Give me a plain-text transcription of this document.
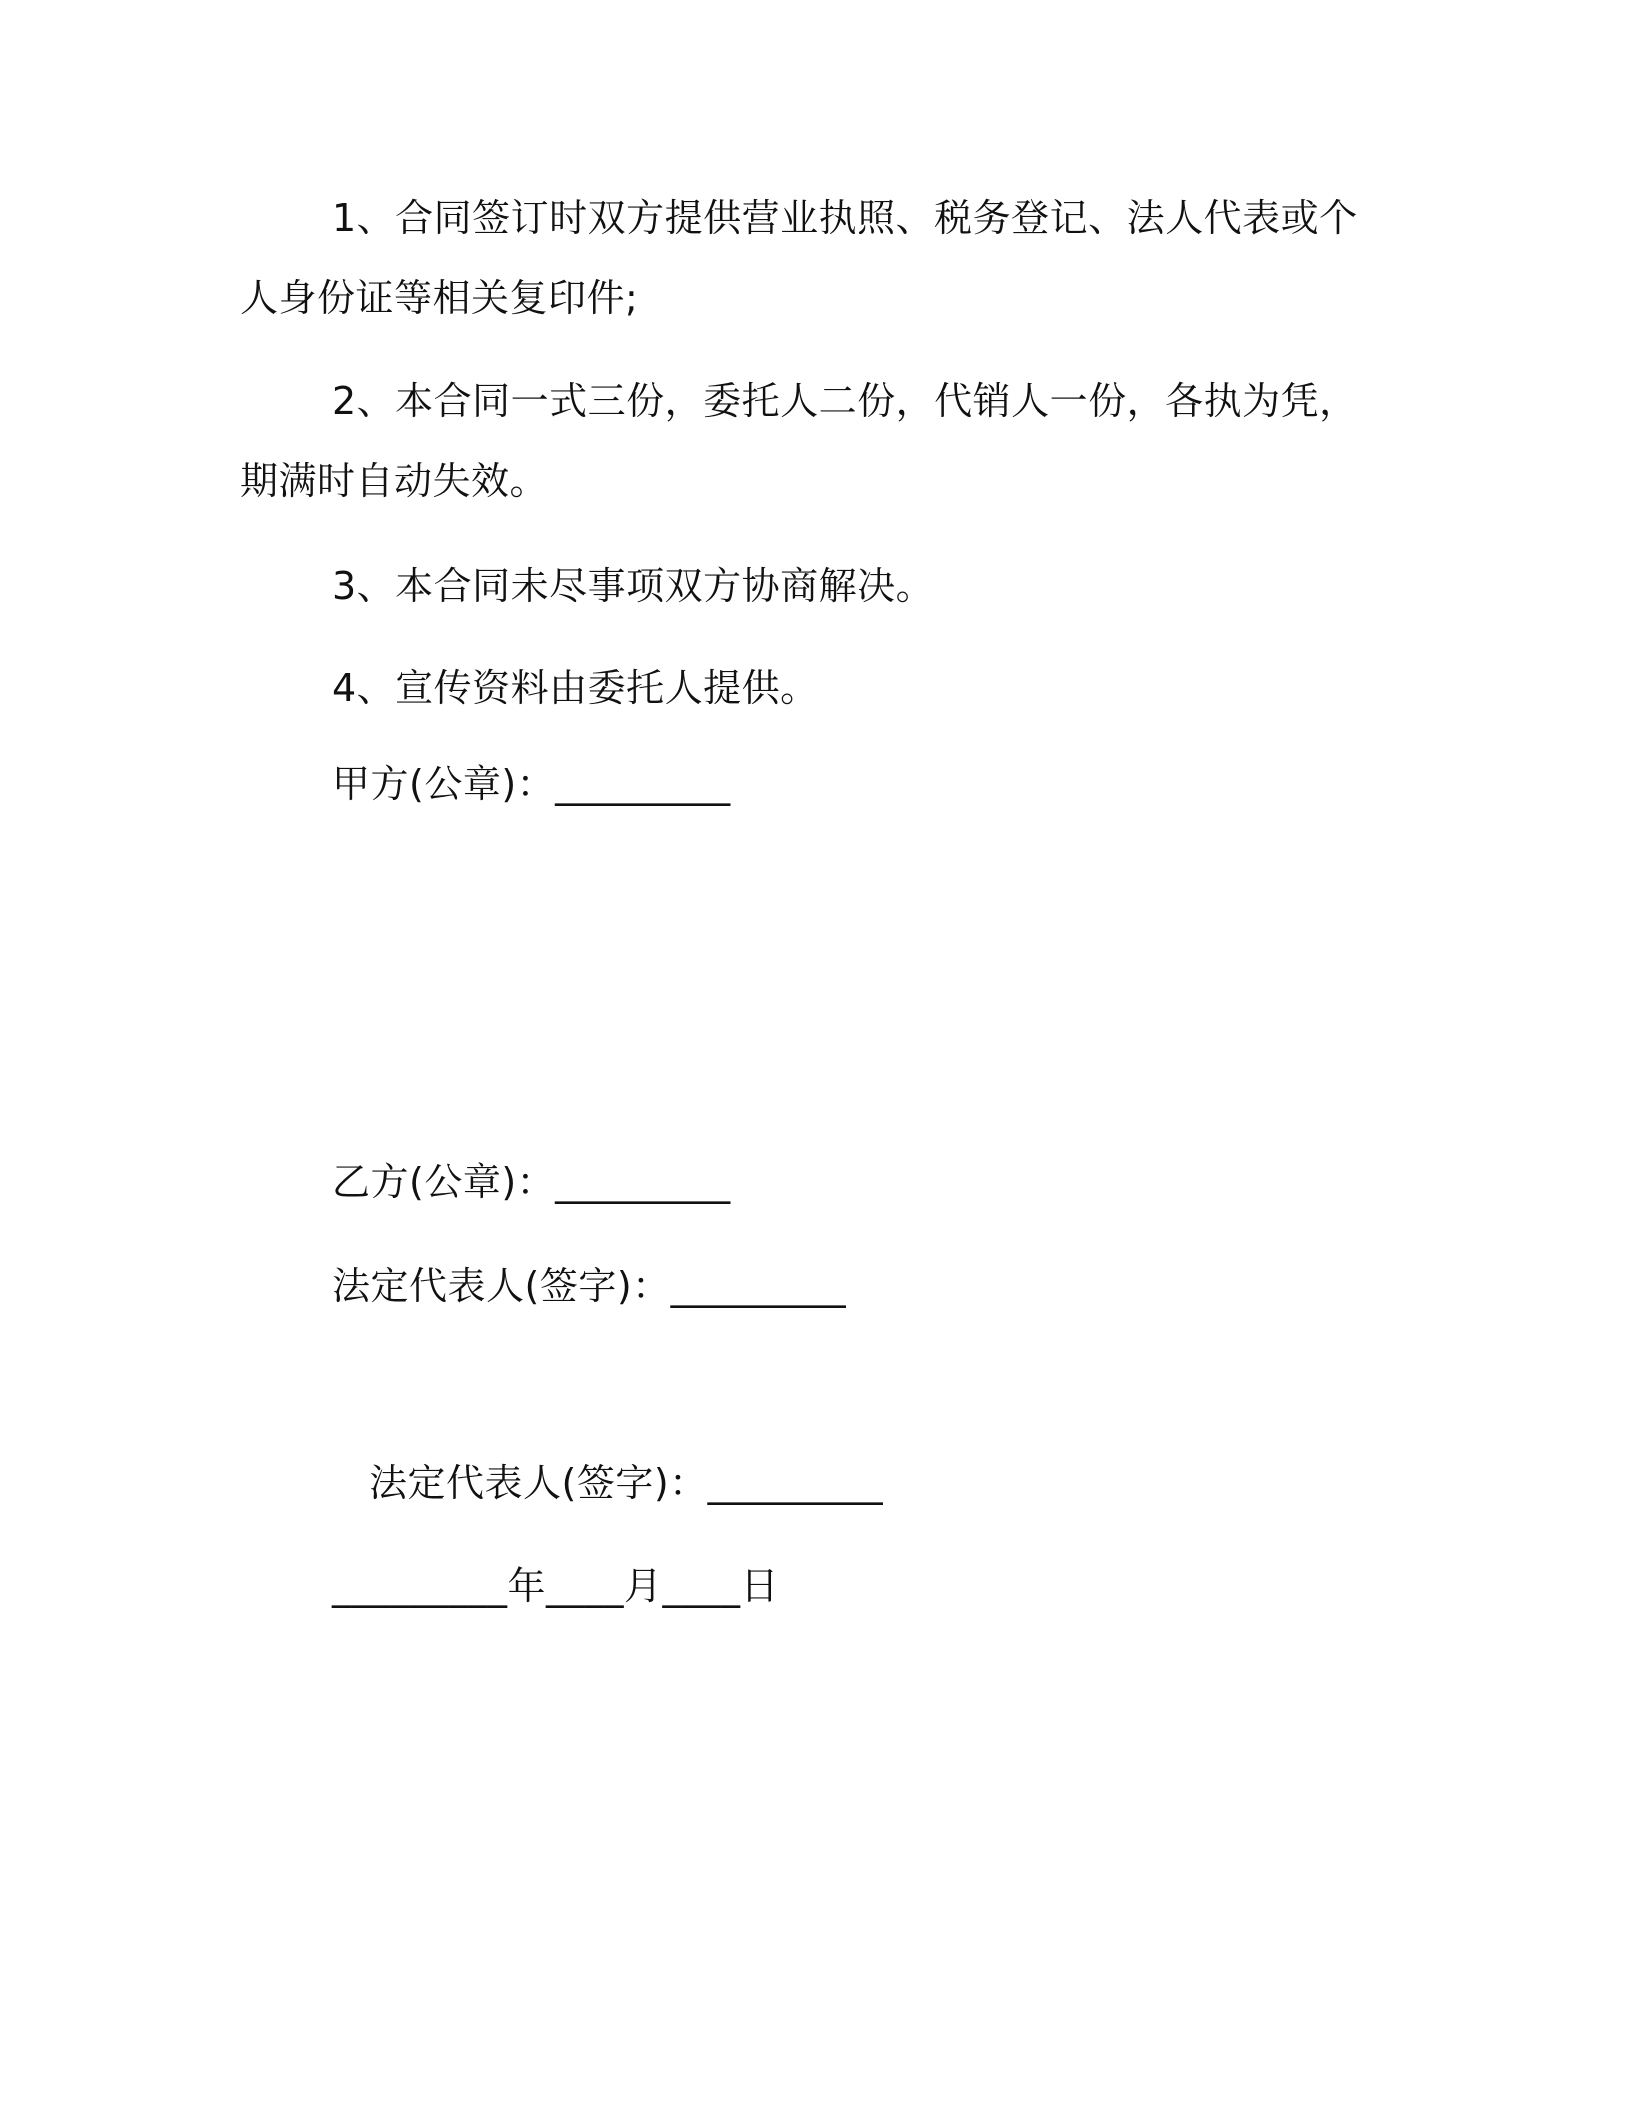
1、合同签订时双方提供营业执照、税务登记、法人代表或个人身份证等相关复印件;

2、本合同一式三份，委托人二份，代销人一份，各执为凭，期满时自动失效。

3、本合同未尽事项双方协商解决。

4、宣传资料由委托人提供。

甲方(公章)：_________

乙方(公章)：_________

法定代表人(签字)：_________

法定代表人(签字)：_________

_________年____月____日
